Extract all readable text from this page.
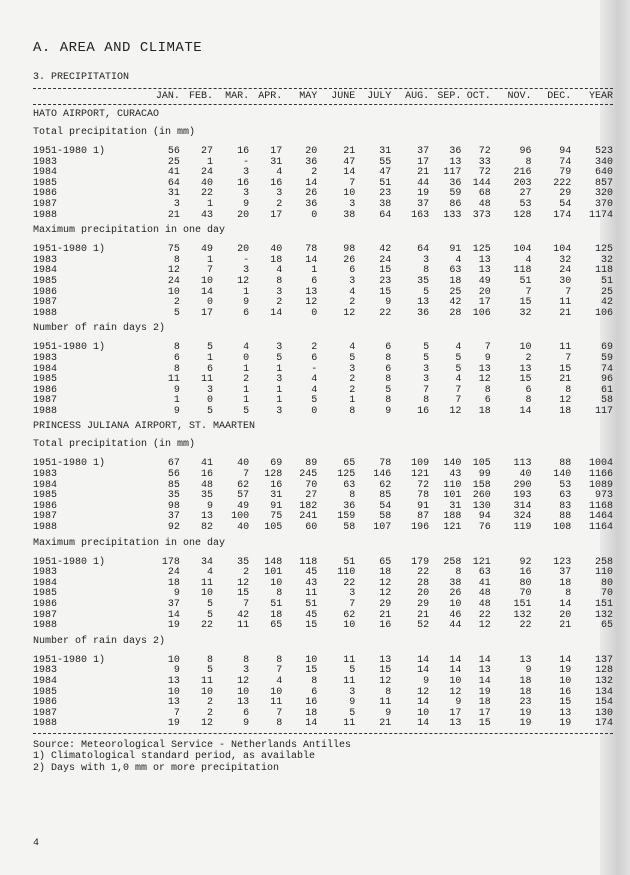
A. AREA AND CLIMATE
3. PRECIPITATION
JAN. FEB.	MAR. APR.	MAY	JUNE	JULY	AUG. SEP. OCT.	NOV.	DEC.	YEAR
HATO AIRPORT, CURACAO
Total precipitation (in mm)
1951-1980 1)	56	27	16	17	20	21	31	37	36	72	96	94	523
1983	25	1	-	31	36	47	55	17	13	33	8	74	340
1984	41	24	3	4	2	14	47	21	117	72	216	79	640
1985	64	40	16	16	14	7	51	44	36	144	203	222	857
1986	31	22	3	3	26	10	23	19	59	68	27	29	320
1987	3	1	9	2	36	3	38	37	86	48	53	54	370
1988	21	43	20	17	0	38	64	163	133	373	128	174	1174
Maximum precipitation in one day
1951-1980 1)	75	49	20	40	78	98	42	64	91	125	104	104	125
1983	8	1	-	18	14	26	24	3	4	13	4	32	32
1984	12	7	3	4	1	6	15	8	63	13	118	24	118
1985	24	10	12	8	6	3	23	35	18	49	51	30	51
1986	10	14	1	3	13	4	15	5	25	20	7	7	25
1987	2	0	9	2	12	2	9	13	42	17	15	11	42
1988	5	17	6	14	0	12	22	36	28	106	32	21	106
Number of rain days 2)
1951-1980 1)	8	5	4	3	2	4	6	5	4	7	10	11	69
1983	6	1	0	5	6	5	8	5	5	9	2	7	59
1984	8	6	1	1	-	3	6	3	5	13	13	15	74
1985	11	11	2	3	4	2	8	3	4	12	15	21	96
1986	9	3	1	1	4	2	5	7	7	8	6	8	61
1987	1	0	1	1	5	1	8	8	7	6	8	12	58
1988	9	5	5	3	0	8	9	16	12	18	14	18	117
PRINCESS JULIANA AIRPORT, ST. MAARTEN
Total precipitation (in mm)
1951-1980 1)	67	41	40	69	89	65	78	109	140	105	113	88	1004
1983	56	16	7	128	245	125	146	121	43	99	40	140	1166
1984	85	48	62	16	70	63	62	72	110	158	290	53	1089
1985	35	35	57	31	27	8	85	78	101	260	193	63	973
1986	98	9	49	91	182	36	54	91	31	130	314	83	1168
1987	37	13	100	75	241	159	58	87	188	94	324	88	1464
1988	92	82	40	105	60	58	107	196	121	76	119	108	1164
Maximum precipitation in one day
1951-1980 1)	178	34	35	148	118	51	65	179	258	121	92	123	258
1983	24	4	2	101	45	110	18	22	8	63	16	37	110
1984	18	11	12	10	43	22	12	28	38	41	80	18	80
1985	9	10	15	8	11	3	12	20	26	48	70	8	70
1986	37	5	7	51	51	7	29	29	10	48	151	14	151
1987	14	5	42	18	45	62	21	21	46	22	132	20	132
1988	19	22	11	65	15	10	16	52	44	12	22	21	65
Number of rain days 2)
1951-1980 1)	10	8	8	8	10	11	13	14	14	14	13	14	137
1983	9	5	3	7	15	5	15	14	14	13	9	19	128
1984	13	11	12	4	8	11	12	9	10	14	18	10	132
1985	10	10	10	10	6	3	8	12	12	19	18	16	134
1986	13	2	13	11	16	9	11	14	9	18	23	15	154
1987	7	2	6	7	18	5	9	10	17	17	19	13	130
1988	19	12	9	8	14	11	21	14	13	15	19	19	174
Source: Meteorological Service - Netherlands Antilles
1) Climatological standard period, as available
2) Days with 1,0 mm or more precipitation
4
